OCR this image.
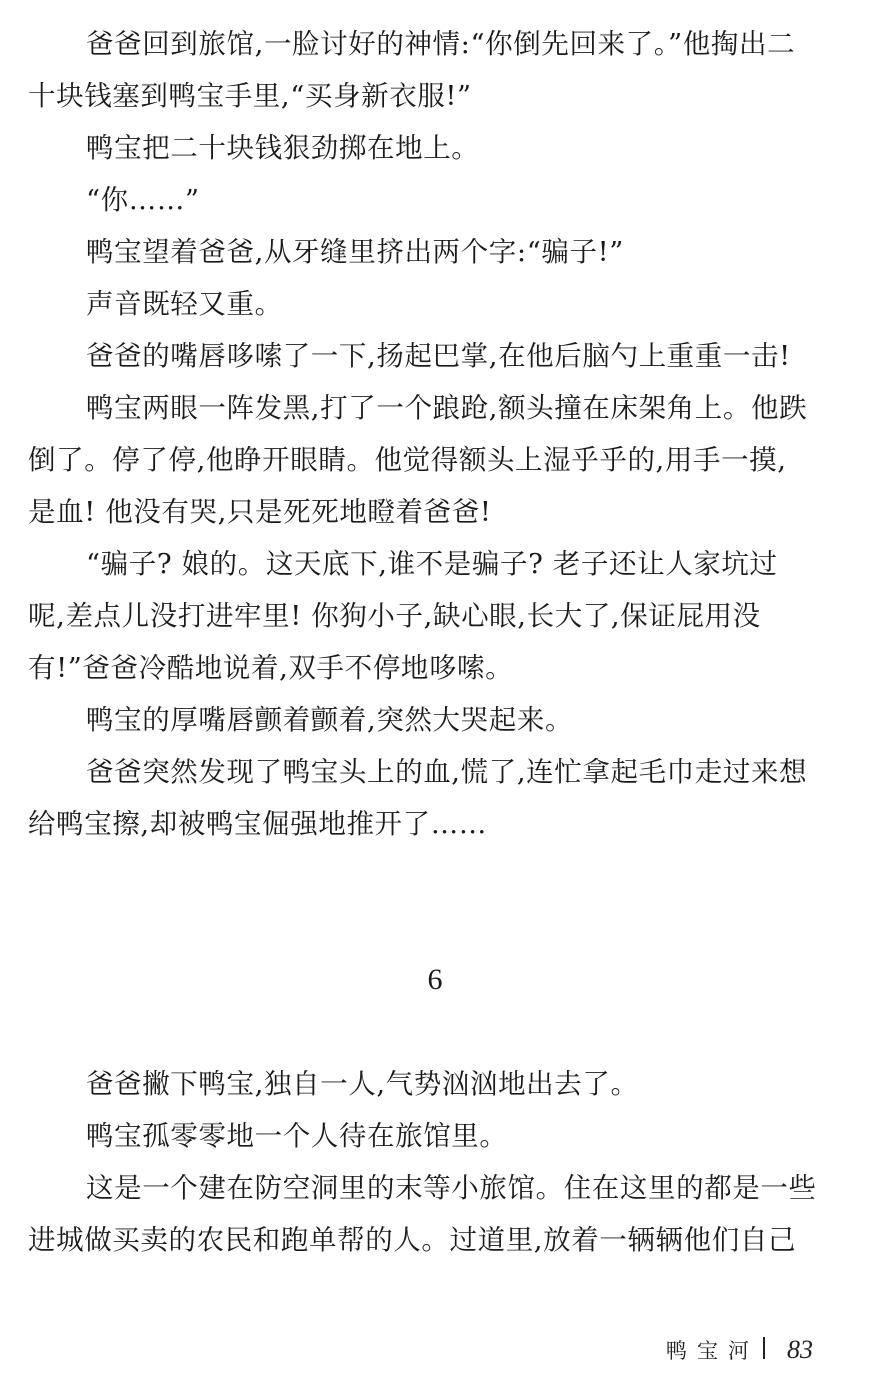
爸爸回到旅馆,一脸讨好的神情:“你倒先回来了。”他掏出二
十块钱塞到鸭宝手里,“买身新衣服!”
鸭宝把二十块钱狠劲掷在地上。
“你……”
鸭宝望着爸爸,从牙缝里挤出两个字:“骗子!”
声音既轻又重。
爸爸的嘴唇哆嗦了一下,扬起巴掌,在他后脑勺上重重一击!
鸭宝两眼一阵发黑,打了一个踉跄,额头撞在床架角上。他跌
倒了。停了停,他睁开眼睛。他觉得额头上湿乎乎的,用手一摸,
是血! 他没有哭,只是死死地瞪着爸爸!
“骗子? 娘的。这天底下,谁不是骗子? 老子还让人家坑过
呢,差点儿没打进牢里! 你狗小子,缺心眼,长大了,保证屁用没
有!”爸爸冷酷地说着,双手不停地哆嗦。
鸭宝的厚嘴唇颤着颤着,突然大哭起来。
爸爸突然发现了鸭宝头上的血,慌了,连忙拿起毛巾走过来想
给鸭宝擦,却被鸭宝倔强地推开了……
6
爸爸撇下鸭宝,独自一人,气势汹汹地出去了。
鸭宝孤零零地一个人待在旅馆里。
这是一个建在防空洞里的末等小旅馆。住在这里的都是一些
进城做买卖的农民和跑单帮的人。过道里,放着一辆辆他们自己
鸭宝河 83
